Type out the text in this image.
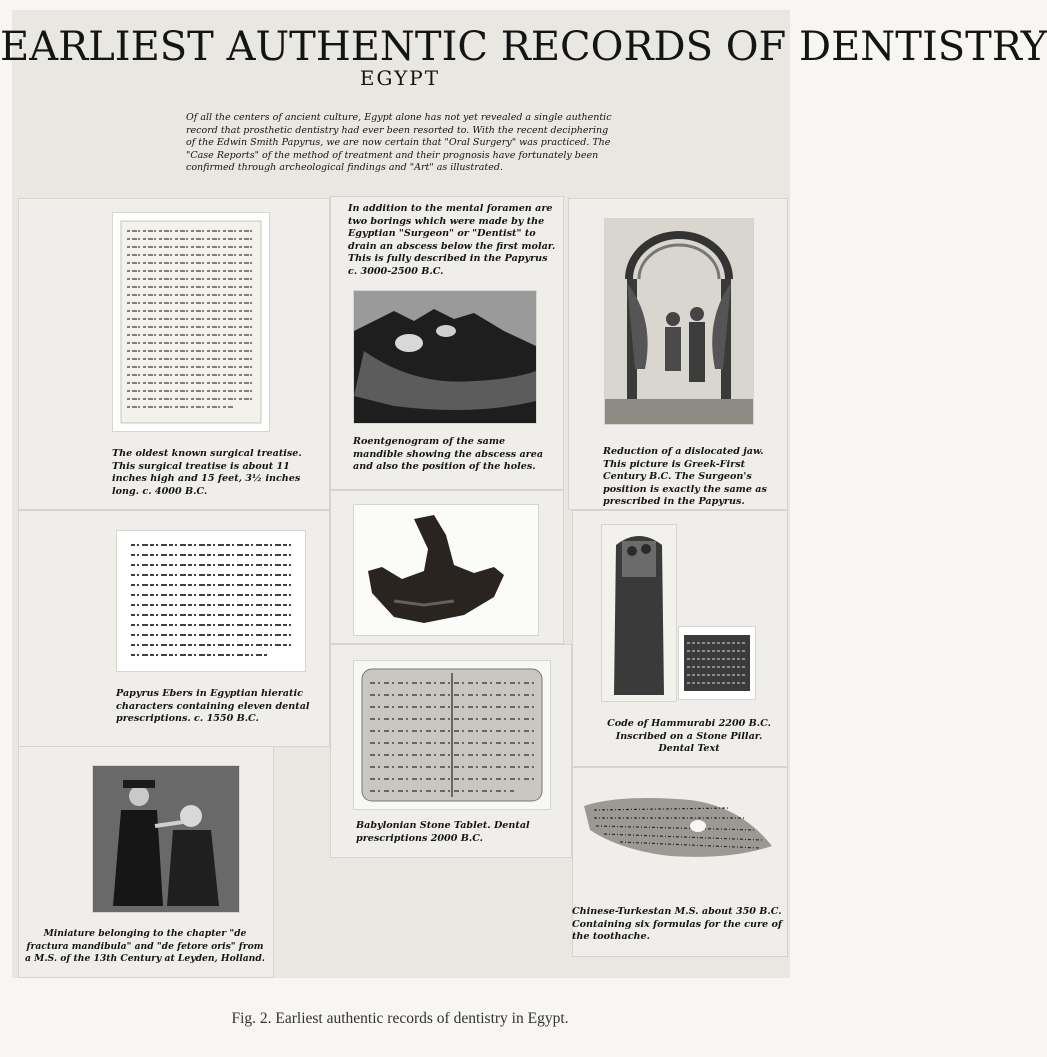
EARLIEST AUTHENTIC RECORDS OF DENTISTRY
EGYPT
Of all the centers of ancient culture, Egypt alone has not yet revealed a single authentic record that prosthetic dentistry had ever been resorted to. With the recent deciphering of the Edwin Smith Papyrus, we are now certain that "Oral Surgery" was practiced. The "Case Reports" of the method of treatment and their prognosis have fortunately been confirmed through archeological findings and "Art" as illustrated.
The oldest known surgical treatise. This surgical treatise is about 11 inches high and 15 feet, 3½ inches long. c. 4000 B.C.
In addition to the mental foramen are two borings which were made by the Egyptian "Surgeon" or "Dentist" to drain an abscess below the first molar. This is fully described in the Papyrus c. 3000-2500 B.C.
Roentgenogram of the same mandible showing the abscess area and also the position of the holes.
Reduction of a dislocated jaw. This picture is Greek-First Century B.C. The Surgeon's position is exactly the same as prescribed in the Papyrus.
Papyrus Ebers in Egyptian hieratic characters containing eleven dental prescriptions. c. 1550 B.C.	Code of Hammurabi 2200 B.C. Inscribed on a Stone Pillar. Dental Text
Babylonian Stone Tablet. Dental prescriptions 2000 B.C.
Miniature belonging to the chapter "de fractura mandibula" and "de fetore oris" from a M.S. of the 13th Century at Leyden, Holland.
Chinese-Turkestan M.S. about 350 B.C. Containing six formulas for the cure of the toothache.
Fig. 2. Earliest authentic records of dentistry in Egypt.
